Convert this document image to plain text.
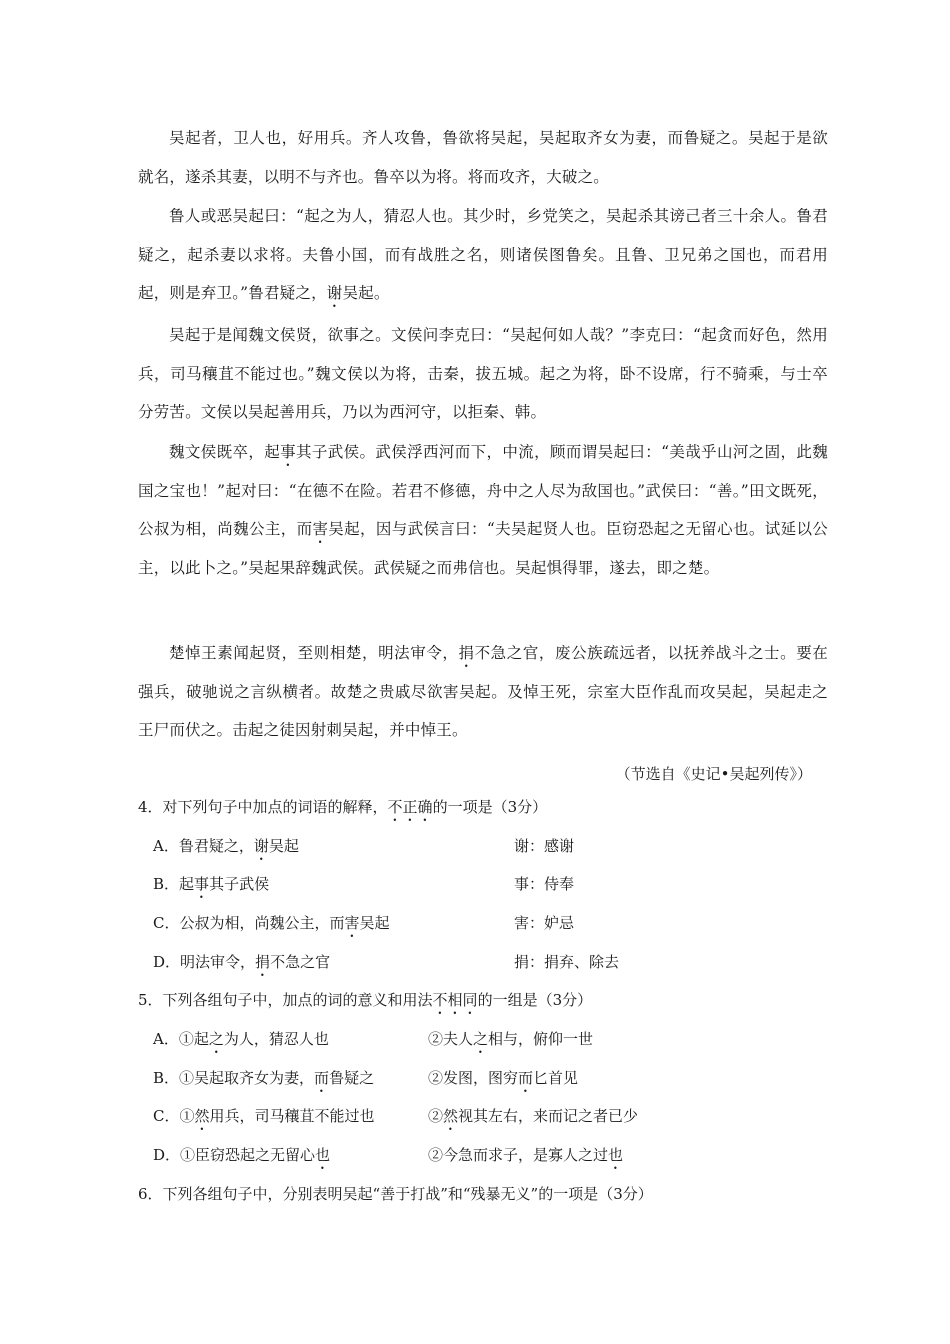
吴起者，卫人也，好用兵。齐人攻鲁，鲁欲将吴起，吴起取齐女为妻，而鲁疑之。吴起于是欲就名，遂杀其妻，以明不与齐也。鲁卒以为将。将而攻齐，大破之。

鲁人或恶吴起曰：“起之为人，猜忍人也。其少时，乡党笑之，吴起杀其谤己者三十余人。鲁君疑之，起杀妻以求将。夫鲁小国，而有战胜之名，则诸侯图鲁矣。且鲁、卫兄弟之国也，而君用起，则是弃卫。”鲁君疑之，谢吴起。

吴起于是闻魏文侯贤，欲事之。文侯问李克曰：“吴起何如人哉？”李克曰：“起贪而好色，然用兵，司马穰苴不能过也。”魏文侯以为将，击秦，拔五城。起之为将，卧不设席，行不骑乘，与士卒分劳苦。文侯以吴起善用兵，乃以为西河守，以拒秦、韩。

魏文侯既卒，起事其子武侯。武侯浮西河而下，中流，顾而谓吴起曰：“美哉乎山河之固，此魏国之宝也！”起对曰：“在德不在险。若君不修德，舟中之人尽为敌国也。”武侯曰：“善。”田文既死，公叔为相，尚魏公主，而害吴起，因与武侯言曰：“夫吴起贤人也。臣窃恐起之无留心也。试延以公主，以此卜之。”吴起果辞魏武侯。武侯疑之而弗信也。吴起惧得罪，遂去，即之楚。

楚悼王素闻起贤，至则相楚，明法审令，捐不急之官，废公族疏远者，以抚养战斗之士。要在强兵，破驰说之言纵横者。故楚之贵戚尽欲害吴起。及悼王死，宗室大臣作乱而攻吴起，吴起走之王尸而伏之。击起之徒因射刺吴起，并中悼王。

（节选自《史记•吴起列传》）
4．对下列句子中加点的词语的解释，不正确的一项是（3分）
A．鲁君疑之，谢吴起	谢：感谢
B．起事其子武侯	事：侍奉
C．公叔为相，尚魏公主，而害吴起	害：妒忌
D．明法审令，捐不急之官	捐：捐弃、除去
5．下列各组句子中，加点的词的意义和用法不相同的一组是（3分）
A．①起之为人，猜忍人也	②夫人之相与，俯仰一世
B．①吴起取齐女为妻，而鲁疑之	②发图，图穷而匕首见
C．①然用兵，司马穰苴不能过也	②然视其左右，来而记之者已少
D．①臣窃恐起之无留心也	②今急而求子，是寡人之过也
6．下列各组句子中，分别表明吴起“善于打战”和“残暴无义”的一项是（3分）
